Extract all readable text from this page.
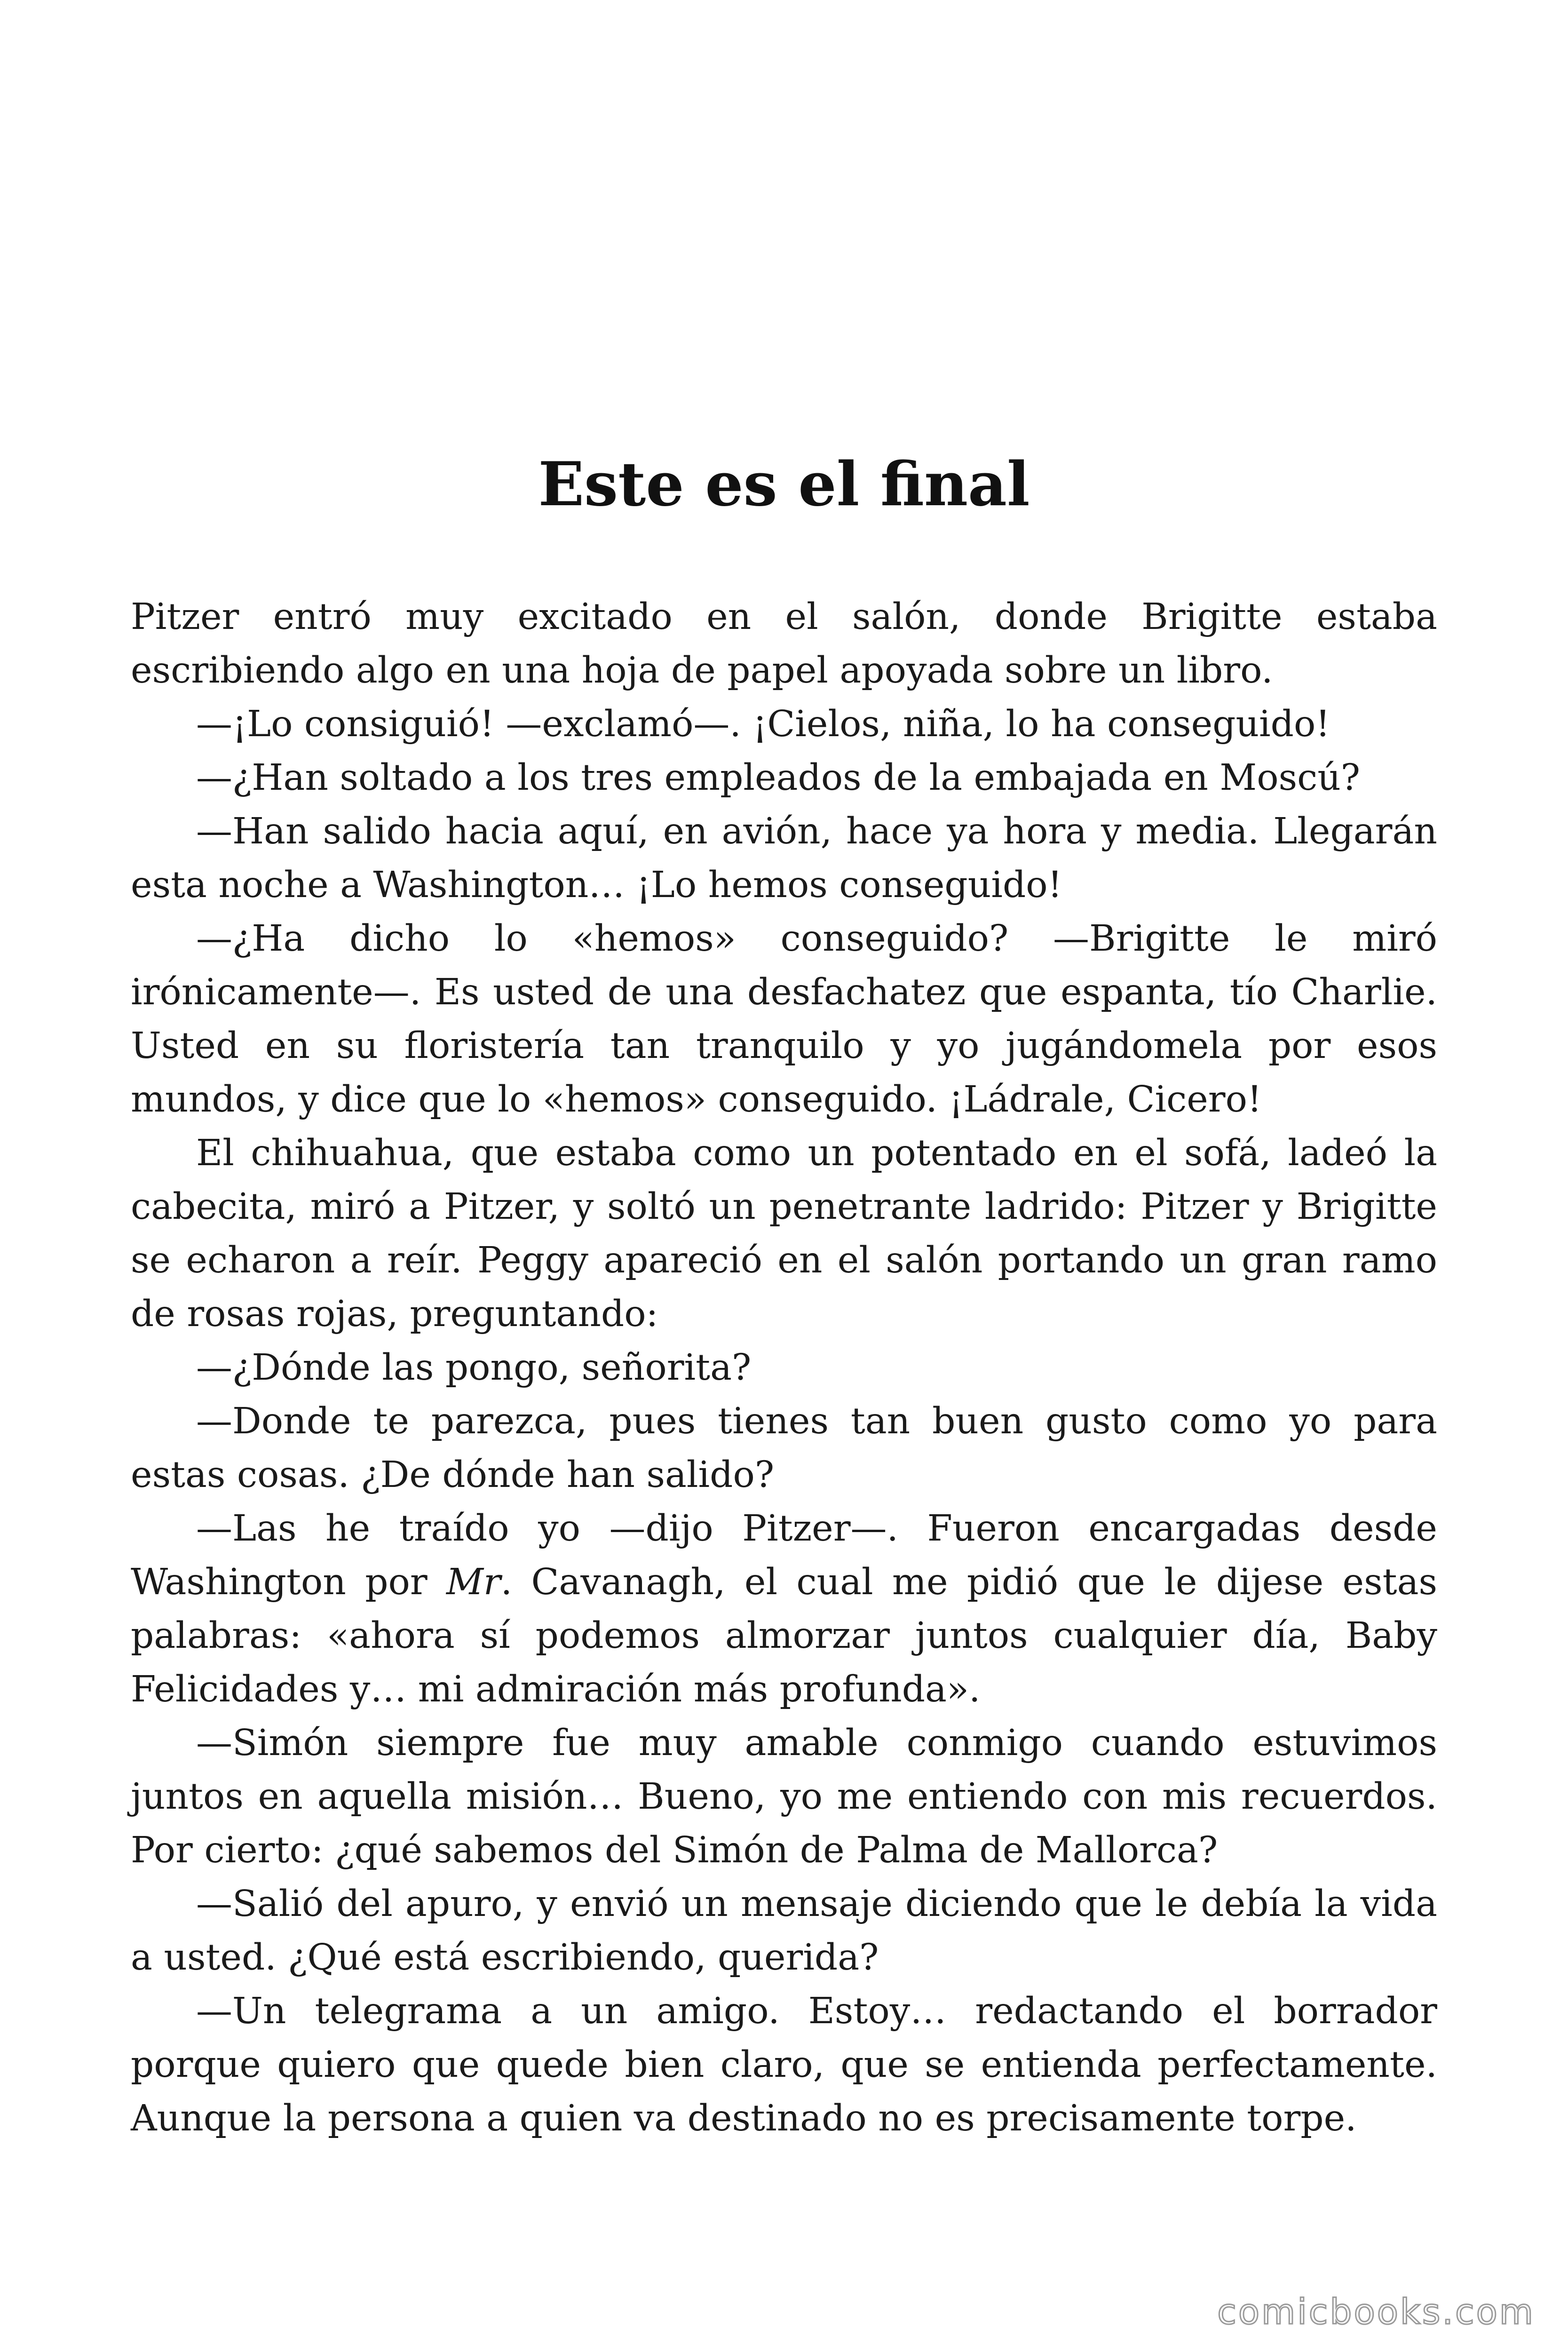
Este es el final

Pitzer entró muy excitado en el salón, donde Brigitte estaba escribiendo algo en una hoja de papel apoyada sobre un libro.

—¡Lo consiguió! —exclamó—. ¡Cielos, niña, lo ha conseguido!

—¿Han soltado a los tres empleados de la embajada en Moscú?

—Han salido hacia aquí, en avión, hace ya hora y media. Llegarán esta noche a Washington… ¡Lo hemos conseguido!

—¿Ha dicho lo «hemos» conseguido? —Brigitte le miró irónicamente—. Es usted de una desfachatez que espanta, tío Charlie. Usted en su floristería tan tranquilo y yo jugándomela por esos mundos, y dice que lo «hemos» conseguido. ¡Ládrale, Cicero!

El chihuahua, que estaba como un potentado en el sofá, ladeó la cabecita, miró a Pitzer, y soltó un penetrante ladrido: Pitzer y Brigitte se echaron a reír. Peggy apareció en el salón portando un gran ramo de rosas rojas, preguntando:

—¿Dónde las pongo, señorita?

—Donde te parezca, pues tienes tan buen gusto como yo para estas cosas. ¿De dónde han salido?

—Las he traído yo —dijo Pitzer—. Fueron encargadas desde Washington por Mr. Cavanagh, el cual me pidió que le dijese estas palabras: «ahora sí podemos almorzar juntos cualquier día, Baby Felicidades y… mi admiración más profunda».

—Simón siempre fue muy amable conmigo cuando estuvimos juntos en aquella misión… Bueno, yo me entiendo con mis recuerdos. Por cierto: ¿qué sabemos del Simón de Palma de Mallorca?

—Salió del apuro, y envió un mensaje diciendo que le debía la vida a usted. ¿Qué está escribiendo, querida?

—Un telegrama a un amigo. Estoy… redactando el borrador porque quiero que quede bien claro, que se entienda perfectamente. Aunque la persona a quien va destinado no es precisamente torpe.

comicbooks.com
